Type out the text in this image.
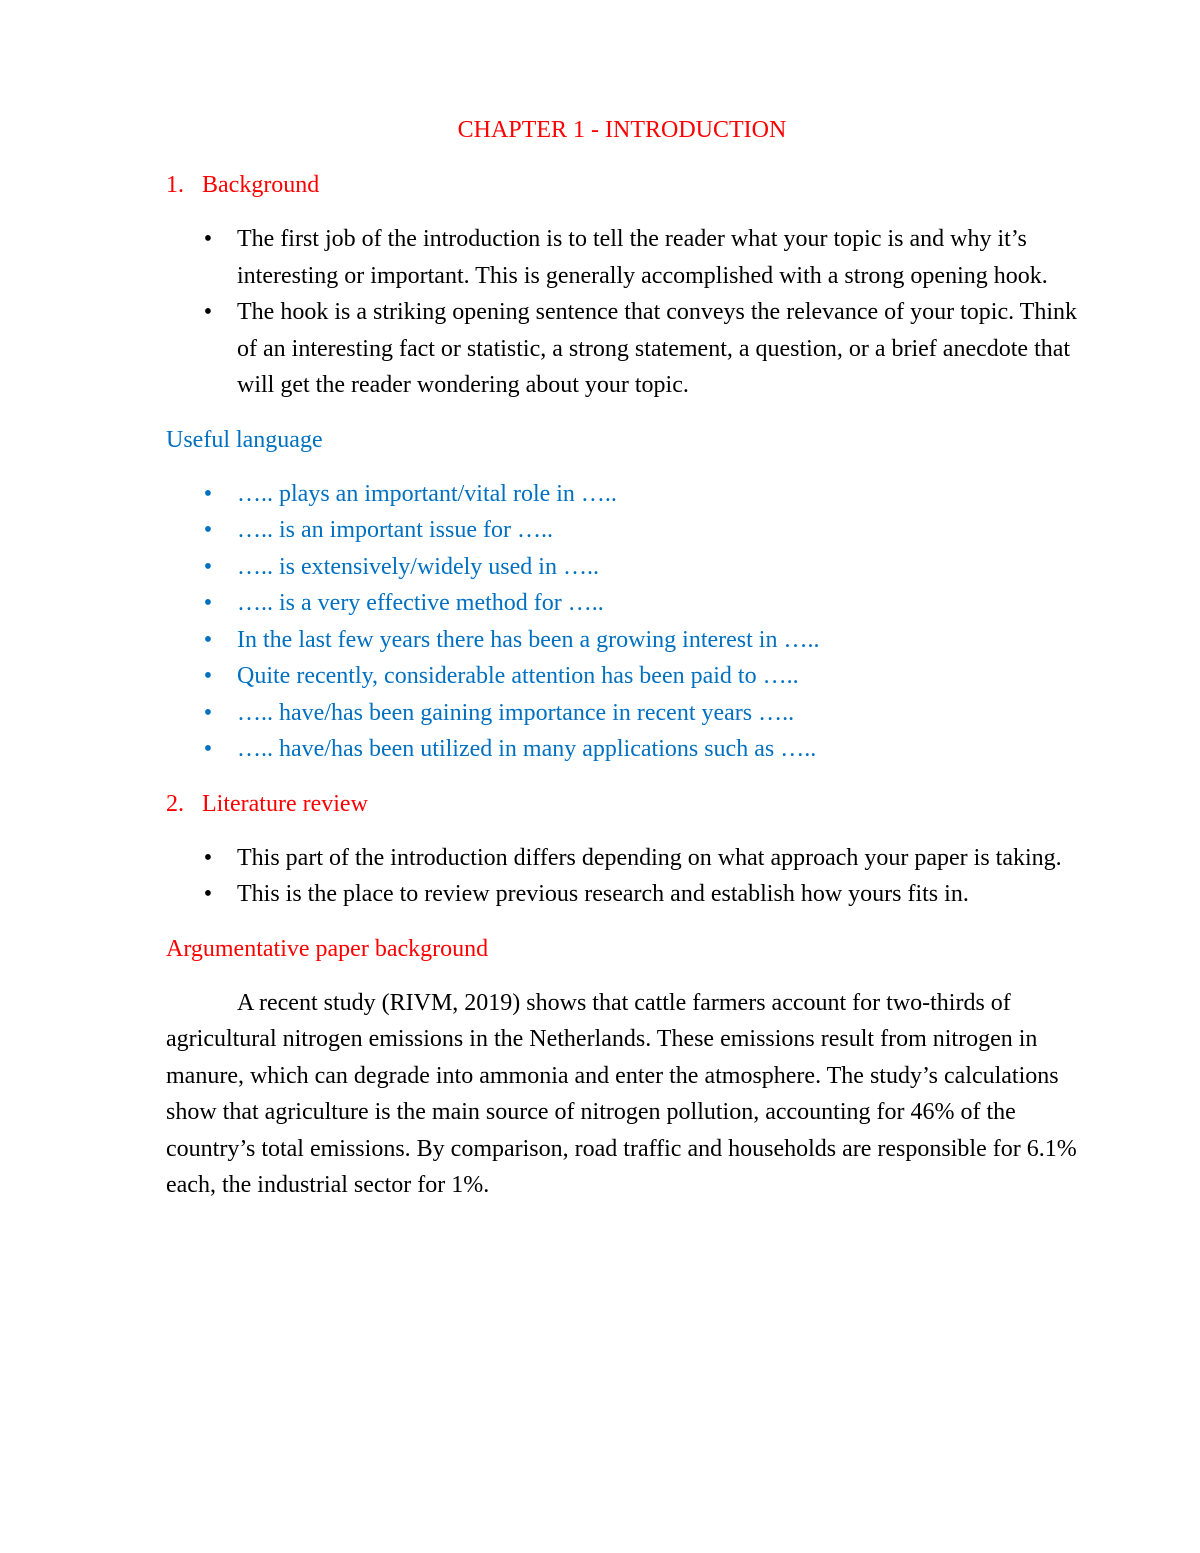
CHAPTER 1 - INTRODUCTION
1. Background
• The first job of the introduction is to tell the reader what your topic is and why it’s interesting or important. This is generally accomplished with a strong opening hook.
• The hook is a striking opening sentence that conveys the relevance of your topic. Think of an interesting fact or statistic, a strong statement, a question, or a brief anecdote that will get the reader wondering about your topic.
Useful language
• ….. plays an important/vital role in …..
• ….. is an important issue for …..
• ….. is extensively/widely used in …..
• ….. is a very effective method for …..
• In the last few years there has been a growing interest in …..
• Quite recently, considerable attention has been paid to …..
• ….. have/has been gaining importance in recent years …..
• ….. have/has been utilized in many applications such as …..
2. Literature review
• This part of the introduction differs depending on what approach your paper is taking.
• This is the place to review previous research and establish how yours fits in.
Argumentative paper background

A recent study (RIVM, 2019) shows that cattle farmers account for two-thirds of agricultural nitrogen emissions in the Netherlands. These emissions result from nitrogen in manure, which can degrade into ammonia and enter the atmosphere. The study’s calculations show that agriculture is the main source of nitrogen pollution, accounting for 46% of the country’s total emissions. By comparison, road traffic and households are responsible for 6.1% each, the industrial sector for 1%.
